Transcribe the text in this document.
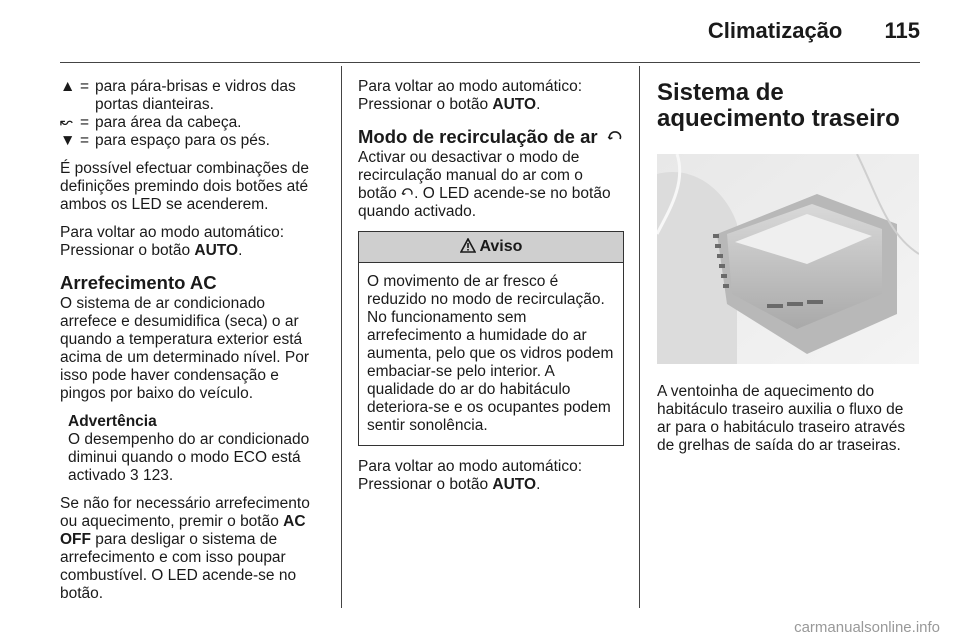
Climatização 115
▲ = para pára-brisas e vidros das portas dianteiras.
↜ = para área da cabeça.
▼ = para espaço para os pés.

É possível efectuar combinações de definições premindo dois botões até ambos os LED se acenderem.

Para voltar ao modo automático: Pressionar o botão AUTO.

Arrefecimento AC

O sistema de ar condicionado arrefece e desumidifica (seca) o ar quando a temperatura exterior está acima de um determinado nível. Por isso pode haver condensação e pingos por baixo do veículo.

Advertência
O desempenho do ar condicionado diminui quando o modo ECO está activado 3 123.

Se não for necessário arrefecimento ou aquecimento, premir o botão AC OFF para desligar o sistema de arrefecimento e com isso poupar combustível. O LED acende-se no botão.

Para voltar ao modo automático: Pressionar o botão AUTO.

Modo de recirculação de ar

Activar ou desactivar o modo de recirculação manual do ar com o botão . O LED acende-se no botão quando activado.

Aviso
O movimento de ar fresco é reduzido no modo de recirculação. No funcionamento sem arrefecimento a humidade do ar aumenta, pelo que os vidros podem embaciar-se pelo interior. A qualidade do ar do habitáculo deteriora-se e os ocupantes podem sentir sonolência.

Para voltar ao modo automático: Pressionar o botão AUTO.

Sistema de aquecimento traseiro

A ventoinha de aquecimento do habitáculo traseiro auxilia o fluxo de ar para o habitáculo traseiro através de grelhas de saída do ar traseiras.

carmanualsonline.info
